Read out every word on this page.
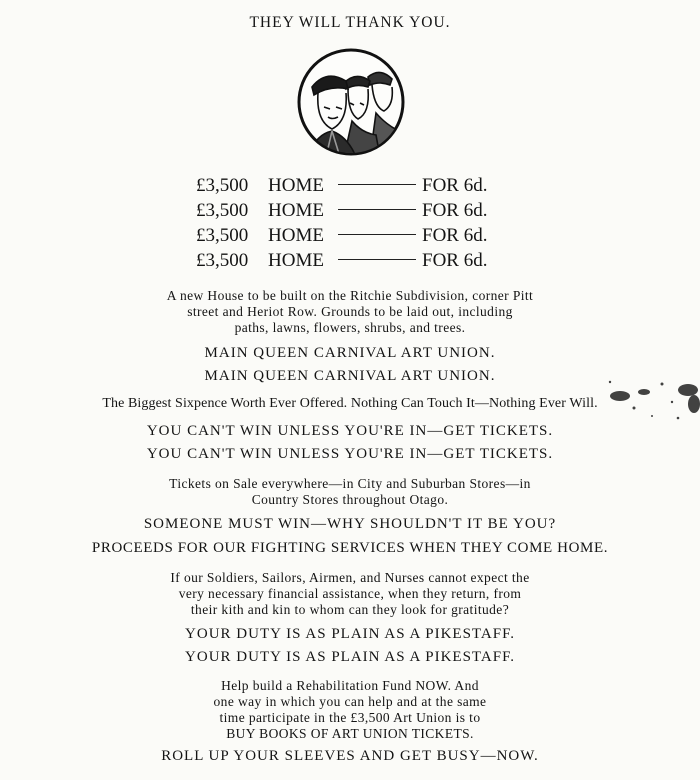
THEY WILL THANK YOU.
£3,500	HOME	FOR 6d.
£3,500	HOME	FOR 6d.
£3,500	HOME	FOR 6d.
£3,500	HOME	FOR 6d.
A new House to be built on the Ritchie Subdivision, corner Pitt
street and Heriot Row. Grounds to be laid out, including
paths, lawns, flowers, shrubs, and trees.
MAIN QUEEN CARNIVAL ART UNION.
MAIN QUEEN CARNIVAL ART UNION.
The Biggest Sixpence Worth Ever Offered. Nothing Can Touch It—Nothing Ever Will.
YOU CAN'T WIN UNLESS YOU'RE IN—GET TICKETS.
YOU CAN'T WIN UNLESS YOU'RE IN—GET TICKETS.
Tickets on Sale everywhere—in City and Suburban Stores—in
Country Stores throughout Otago.
SOMEONE MUST WIN—WHY SHOULDN'T IT BE YOU?
PROCEEDS FOR OUR FIGHTING SERVICES WHEN THEY COME HOME.
If our Soldiers, Sailors, Airmen, and Nurses cannot expect the
very necessary financial assistance, when they return, from
their kith and kin to whom can they look for gratitude?
YOUR DUTY IS AS PLAIN AS A PIKESTAFF.
YOUR DUTY IS AS PLAIN AS A PIKESTAFF.
Help build a Rehabilitation Fund NOW. And
one way in which you can help and at the same
time participate in the £3,500 Art Union is to
BUY BOOKS OF ART UNION TICKETS.
ROLL UP YOUR SLEEVES AND GET BUSY—NOW.
